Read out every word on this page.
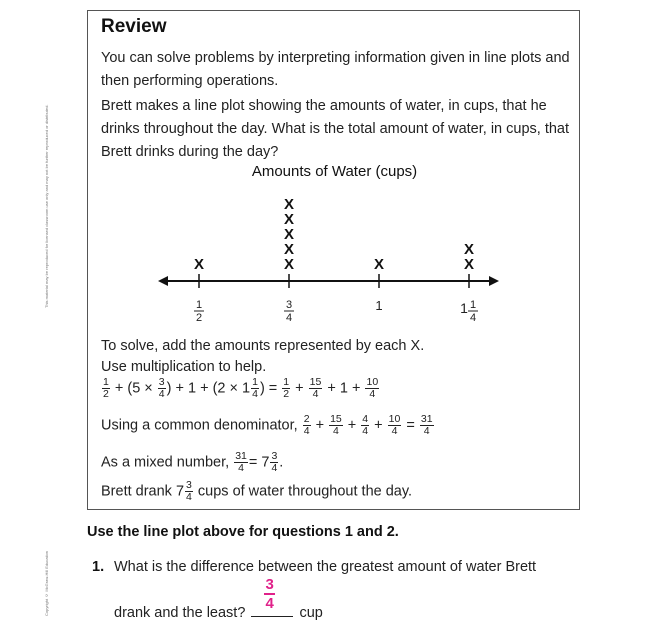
This material may be reproduced for licensed classroom use only and may not be further reproduced or distributed.
Copyright © McGraw-Hill Education
Review

You can solve problems by interpreting information given in line plots and then performing operations.

Brett makes a line plot showing the amounts of water, in cups, that he drinks throughout the day. What is the total amount of water, in cups, that Brett drinks during the day?

Amounts of Water (cups)
X	X
X
X
X
X
X	X
X
1
2
3
4
1	1 1
4
To solve, add the amounts represented by each X.
Use multiplication to help.
$\frac{1}{2} + (5 \times \frac{3}{4}$ ) + $1 + (2 \times 1 \frac{1}{4}$ ) = $\frac{1}{2} + \frac{15}{4} + 1 + \frac{10}{4}$
Using a common denominator, $\frac{2}{4} + \frac{15}{4} + \frac{4}{4} + \frac{10}{4} = \frac{31}{4}$
As a mixed number, $\frac{31}{4} = 7 \frac{3}{4}$ .
Brett drank $7 \frac{3}{4}$ cups of water throughout the day.
Use the line plot above for questions 1 and 2.
1. What is the difference between the greatest amount of water Brett
drank and the least?
$\frac{3}{4}$
cup
